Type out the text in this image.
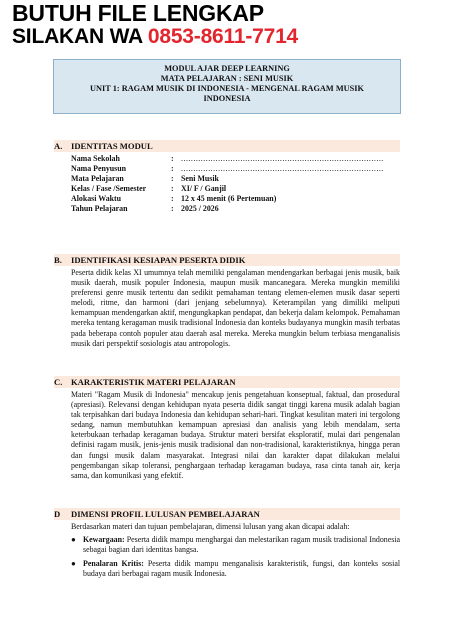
BUTUH FILE LENGKAP
SILAKAN WA 0853-8611-7714
MODUL AJAR DEEP LEARNING
MATA PELAJARAN : SENI MUSIK
UNIT 1: RAGAM MUSIK DI INDONESIA - MENGENAL RAGAM MUSIK
INDONESIA
A.	IDENTITAS MODUL
Nama Sekolah	: ..................................................................................
Nama Penyusun	: ..................................................................................
Mata Pelajaran	: Seni Musik
Kelas / Fase /Semester	: XI/ F / Ganjil
Alokasi Waktu	: 12 x 45 menit (6 Pertemuan)
Tahun Pelajaran	: 2025 / 2026
B.	IDENTIFIKASI KESIAPAN PESERTA DIDIK
Peserta didik kelas XI umumnya telah memiliki pengalaman mendengarkan berbagai jenis musik, baik musik daerah, musik populer Indonesia, maupun musik mancanegara. Mereka mungkin memiliki preferensi genre musik tertentu dan sedikit pemahaman tentang elemen-elemen musik dasar seperti melodi, ritme, dan harmoni (dari jenjang sebelumnya). Keterampilan yang dimiliki meliputi kemampuan mendengarkan aktif, mengungkapkan pendapat, dan bekerja dalam kelompok. Pemahaman mereka tentang keragaman musik tradisional Indonesia dan konteks budayanya mungkin masih terbatas pada beberapa contoh populer atau daerah asal mereka. Mereka mungkin belum terbiasa menganalisis musik dari perspektif sosiologis atau antropologis.
C.	KARAKTERISTIK MATERI PELAJARAN
Materi "Ragam Musik di Indonesia" mencakup jenis pengetahuan konseptual, faktual, dan prosedural (apresiasi). Relevansi dengan kehidupan nyata peserta didik sangat tinggi karena musik adalah bagian tak terpisahkan dari budaya Indonesia dan kehidupan sehari-hari. Tingkat kesulitan materi ini tergolong sedang, namun membutuhkan kemampuan apresiasi dan analisis yang lebih mendalam, serta keterbukaan terhadap keragaman budaya. Struktur materi bersifat eksploratif, mulai dari pengenalan definisi ragam musik, jenis-jenis musik tradisional dan non-tradisional, karakteristiknya, hingga peran dan fungsi musik dalam masyarakat. Integrasi nilai dan karakter dapat dilakukan melalui pengembangan sikap toleransi, penghargaan terhadap keragaman budaya, rasa cinta tanah air, kerja sama, dan komunikasi yang efektif.
D	DIMENSI PROFIL LULUSAN PEMBELAJARAN
Berdasarkan materi dan tujuan pembelajaran, dimensi lulusan yang akan dicapai adalah:
● Kewargaan: Peserta didik mampu menghargai dan melestarikan ragam musik tradisional Indonesia sebagai bagian dari identitas bangsa.
● Penalaran Kritis: Peserta didik mampu menganalisis karakteristik, fungsi, dan konteks sosial budaya dari berbagai ragam musik Indonesia.
